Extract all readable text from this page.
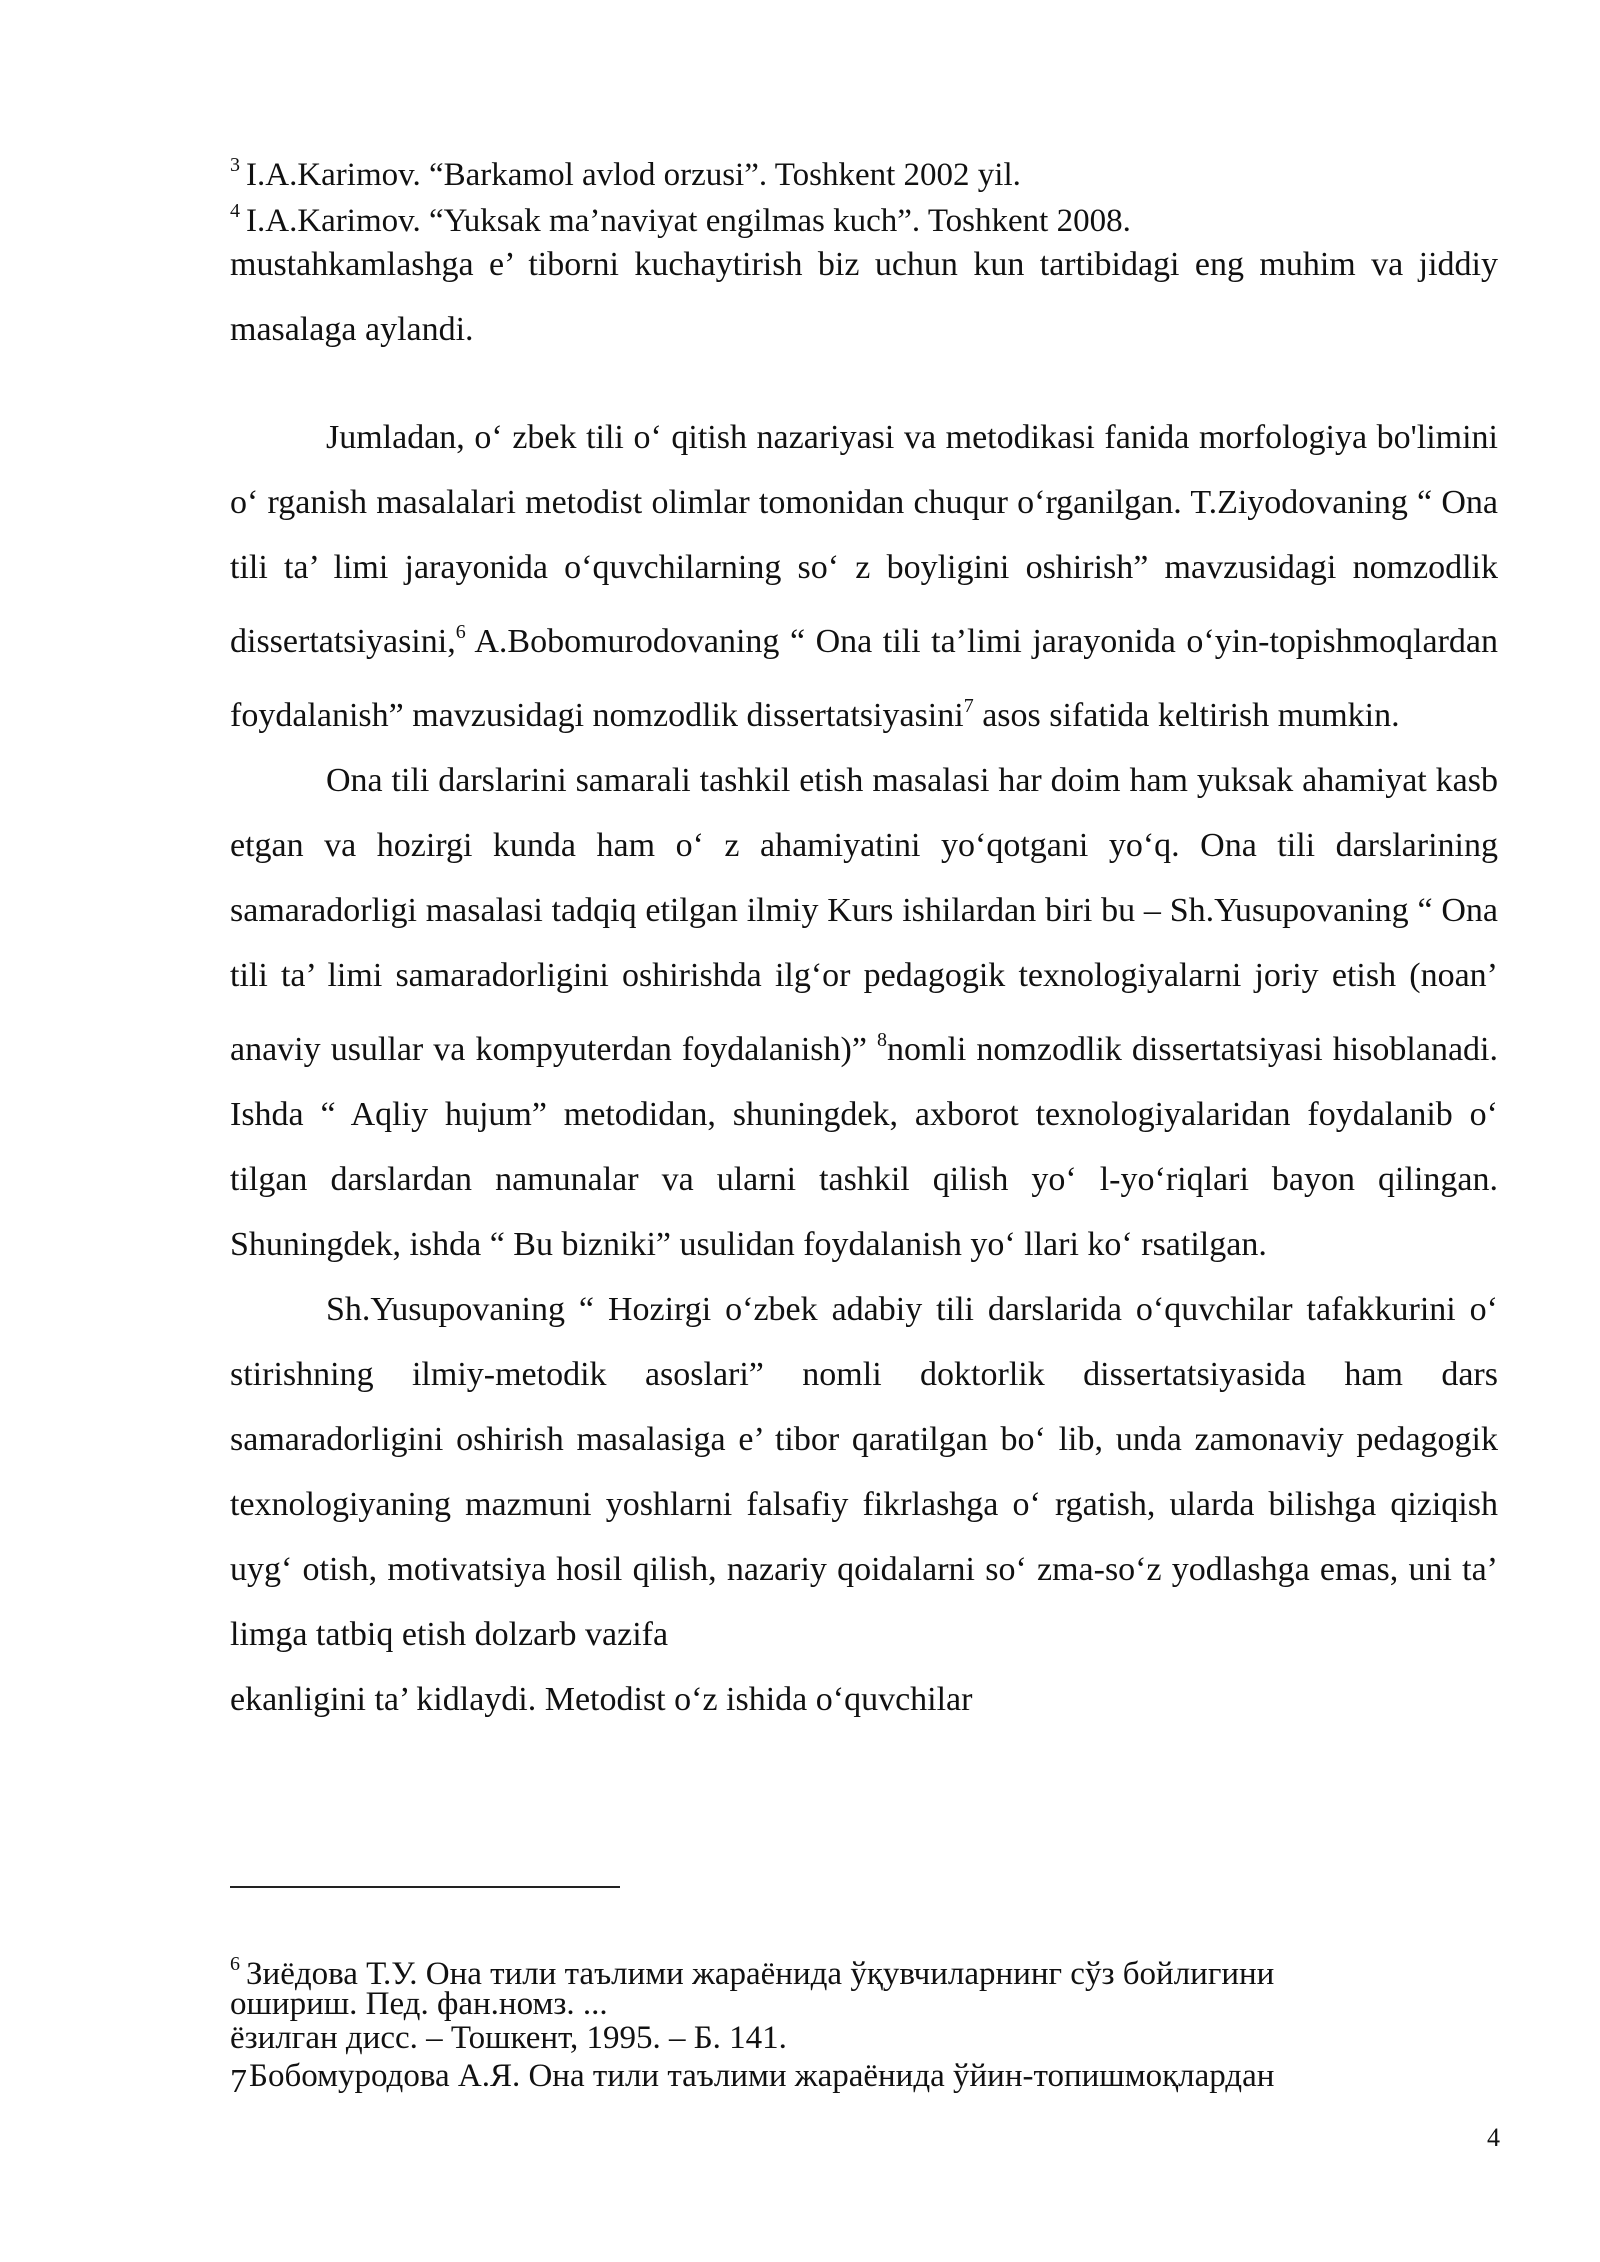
$^3$ I.A.Karimov. “Barkamol avlod orzusi”. Toshkent 2002 yil.
$^4$ I.A.Karimov. “Yuksak ma’naviyat engilmas kuch”. Toshkent 2008.

mustahkamlashga e’ tiborni kuchaytirish biz uchun kun tartibidagi eng muhim va jiddiy masalaga aylandi.

Jumladan, o‘ zbek tili o‘ qitish nazariyasi va metodikasi fanida morfologiya bo'limini o‘ rganish masalalari metodist olimlar tomonidan chuqur o‘rganilgan. T.Ziyodovaning “ Ona tili ta’ limi jarayonida o‘quvchilarning so‘ z boyligini oshirish” mavzusidagi nomzodlik dissertatsiyasini,$^6$ A.Bobomurodovaning “ Ona tili ta’limi jarayonida o‘yin-topishmoqlardan foydalanish” mavzusidagi nomzodlik dissertatsiyasini$^7$ asos sifatida keltirish mumkin.

Ona tili darslarini samarali tashkil etish masalasi har doim ham yuksak ahamiyat kasb etgan va hozirgi kunda ham o‘ z ahamiyatini yo‘qotgani yo‘q. Ona tili darslarining samaradorligi masalasi tadqiq etilgan ilmiy Kurs ishilardan biri bu – Sh.Yusupovaning “ Ona tili ta’ limi samaradorligini oshirishda ilg‘or pedagogik texnologiyalarni joriy etish (noan’ anaviy usullar va kompyuterdan foydalanish)” $^8$nomli nomzodlik dissertatsiyasi hisoblanadi. Ishda “ Aqliy hujum” metodidan, shuningdek, axborot texnologiyalaridan foydalanib o‘ tilgan darslardan namunalar va ularni tashkil qilish yo‘ l-yo‘riqlari bayon qilingan. Shuningdek, ishda “ Bu bizniki” usulidan foydalanish yo‘ llari ko‘ rsatilgan.

Sh.Yusupovaning “ Hozirgi o‘zbek adabiy tili darslarida o‘quvchilar tafakkurini o‘ stirishning ilmiy-metodik asoslari” nomli doktorlik dissertatsiyasida ham dars samaradorligini oshirish masalasiga e’ tibor qaratilgan bo‘ lib, unda zamonaviy pedagogik texnologiyaning mazmuni yoshlarni falsafiy fikrlashga o‘ rgatish, ularda bilishga qiziqish uyg‘ otish, motivatsiya hosil qilish, nazariy qoidalarni so‘ zma-so‘z yodlashga emas, uni ta’ limga tatbiq etish dolzarb vazifa

ekanligini ta’ kidlaydi. Metodist o‘z ishida o‘quvchilar

$^6$ Зиёдова Т.У. Она тили таълими жараёнида ўқувчиларнинг сўз бойлигини
ошириш. Пед. фан.номз. ...
ёзилган дисс. – Тошкент, 1995. – Б. 141.
7Бобомуродова А.Я. Она тили таълими жараёнида ўйин-топишмоқлардан
4
